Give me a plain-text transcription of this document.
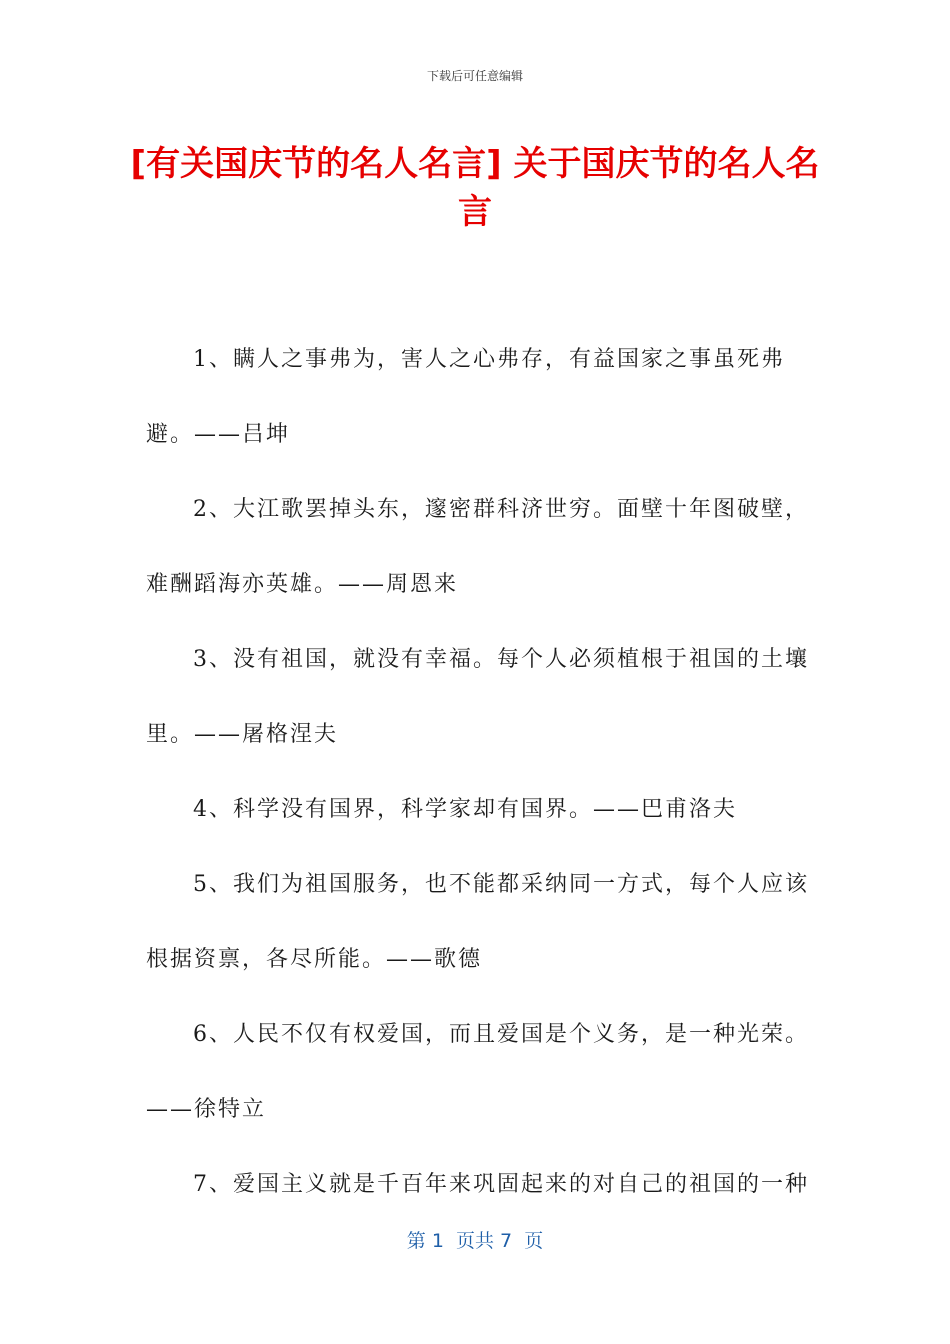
下载后可任意编辑
[有关国庆节的名人名言] 关于国庆节的名人名言

1、瞒人之事弗为，害人之心弗存，有益国家之事虽死弗避。——吕坤

2、大江歌罢掉头东，邃密群科济世穷。面壁十年图破壁，难酬蹈海亦英雄。——周恩来

3、没有祖国，就没有幸福。每个人必须植根于祖国的土壤里。——屠格涅夫

4、科学没有国界，科学家却有国界。——巴甫洛夫

5、我们为祖国服务，也不能都采纳同一方式，每个人应该根据资禀，各尽所能。——歌德

6、人民不仅有权爱国，而且爱国是个义务，是一种光荣。——徐特立

7、爱国主义就是千百年来巩固起来的对自己的祖国的一种

第 1  页共 7  页
